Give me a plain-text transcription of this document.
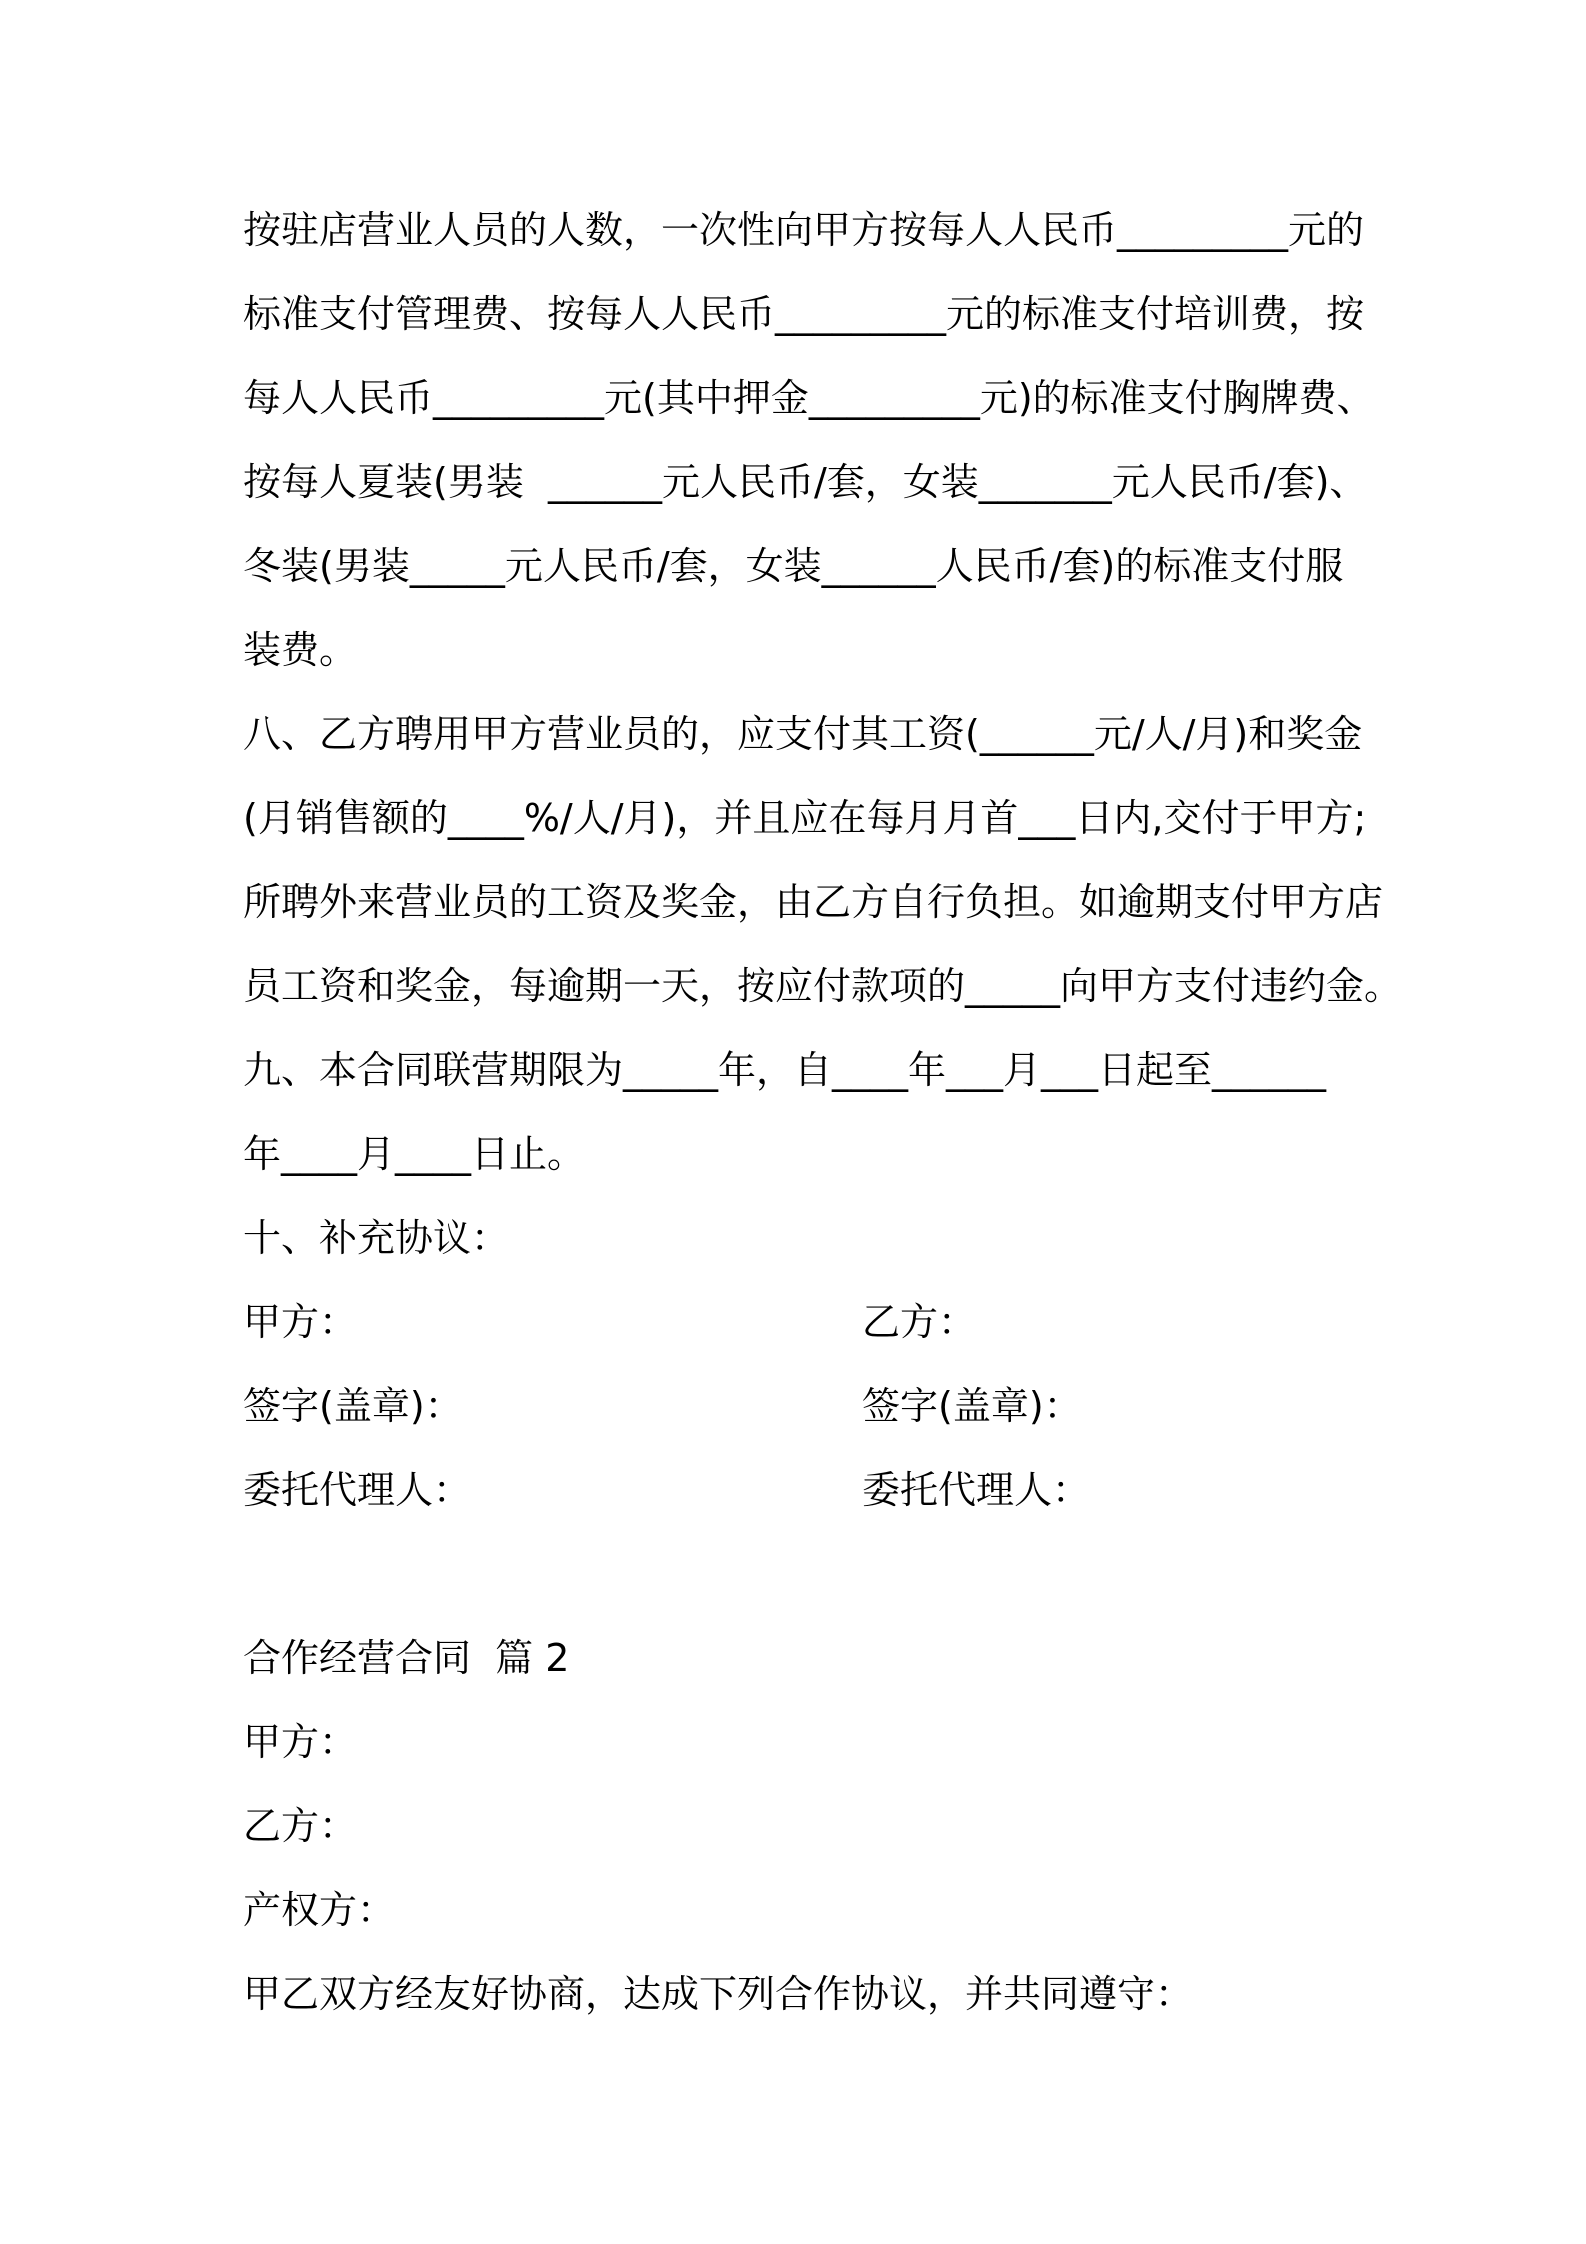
按驻店营业人员的人数，一次性向甲方按每人人民币_________元的
标准支付管理费、按每人人民币_________元的标准支付培训费，按
每人人民币_________元(其中押金_________元)的标准支付胸牌费、
按每人夏装(男装  ______元人民币/套，女装_______元人民币/套)、
冬装(男装_____元人民币/套，女装______人民币/套)的标准支付服
装费。
八、乙方聘用甲方营业员的，应支付其工资(______元/人/月)和奖金
(月销售额的____%/人/月)，并且应在每月月首___日内,交付于甲方;
所聘外来营业员的工资及奖金，由乙方自行负担。如逾期支付甲方店
员工资和奖金，每逾期一天，按应付款项的_____向甲方支付违约金。
九、本合同联营期限为_____年，自____年___月___日起至______
年____月____日止。
十、补充协议：
甲方：	乙方：
签字(盖章)：	签字(盖章)：
委托代理人：	委托代理人：
合作经营合同  篇 2
甲方：
乙方：
产权方：
甲乙双方经友好协商，达成下列合作协议，并共同遵守：
